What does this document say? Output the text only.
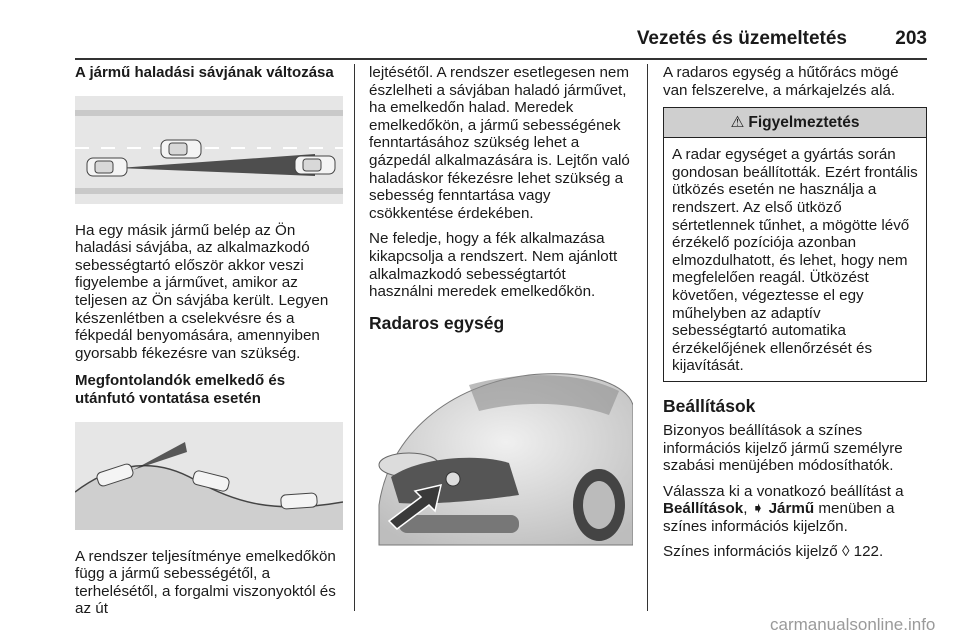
Vezetés és üzemeltetés	203
A jármű haladási sávjának változása

Ha egy másik jármű belép az Ön haladási sávjába, az alkalmazkodó sebességtartó először akkor veszi figyelembe a járművet, amikor az teljesen az Ön sávjába került. Legyen készenlétben a cselekvésre és a fékpedál benyomására, amennyiben gyorsabb fékezésre van szükség.

Megfontolandók emelkedő és utánfutó vontatása esetén

A rendszer teljesítménye emelkedőkön függ a jármű sebességétől, a terhelésétől, a forgalmi viszonyoktól és az út

lejtésétől. A rendszer esetlegesen nem észlelheti a sávjában haladó járművet, ha emelkedőn halad. Meredek emelkedőkön, a jármű sebességének fenntartásához szükség lehet a gázpedál alkalmazására is. Lejtőn való haladáskor fékezésre lehet szükség a sebesség fenntartása vagy csökkentése érdekében.

Ne feledje, hogy a fék alkalmazása kikapcsolja a rendszert. Nem ajánlott alkalmazkodó sebességtartót használni meredek emelkedőkön.

Radaros egység

A radaros egység a hűtőrács mögé van felszerelve, a márkajelzés alá.

⚠ Figyelmeztetés
A radar egységet a gyártás során gondosan beállították. Ezért frontális ütközés esetén ne használja a rendszert. Az első ütköző sértetlennek tűnhet, a mögötte lévő érzékelő pozíciója azonban elmozdulhatott, és lehet, hogy nem megfelelően reagál. Ütközést követően, végeztesse el egy műhelyben az adaptív sebességtartó automatika érzékelőjének ellenőrzését és kijavítását.
Beállítások

Bizonyos beállítások a színes információs kijelző jármű személyre szabási menüjében módosíthatók.

Válassza ki a vonatkozó beállítást a Beállítások, ➧ Jármű menüben a színes információs kijelzőn.

Színes információs kijelző ◊ 122.

carmanualsonline.info
